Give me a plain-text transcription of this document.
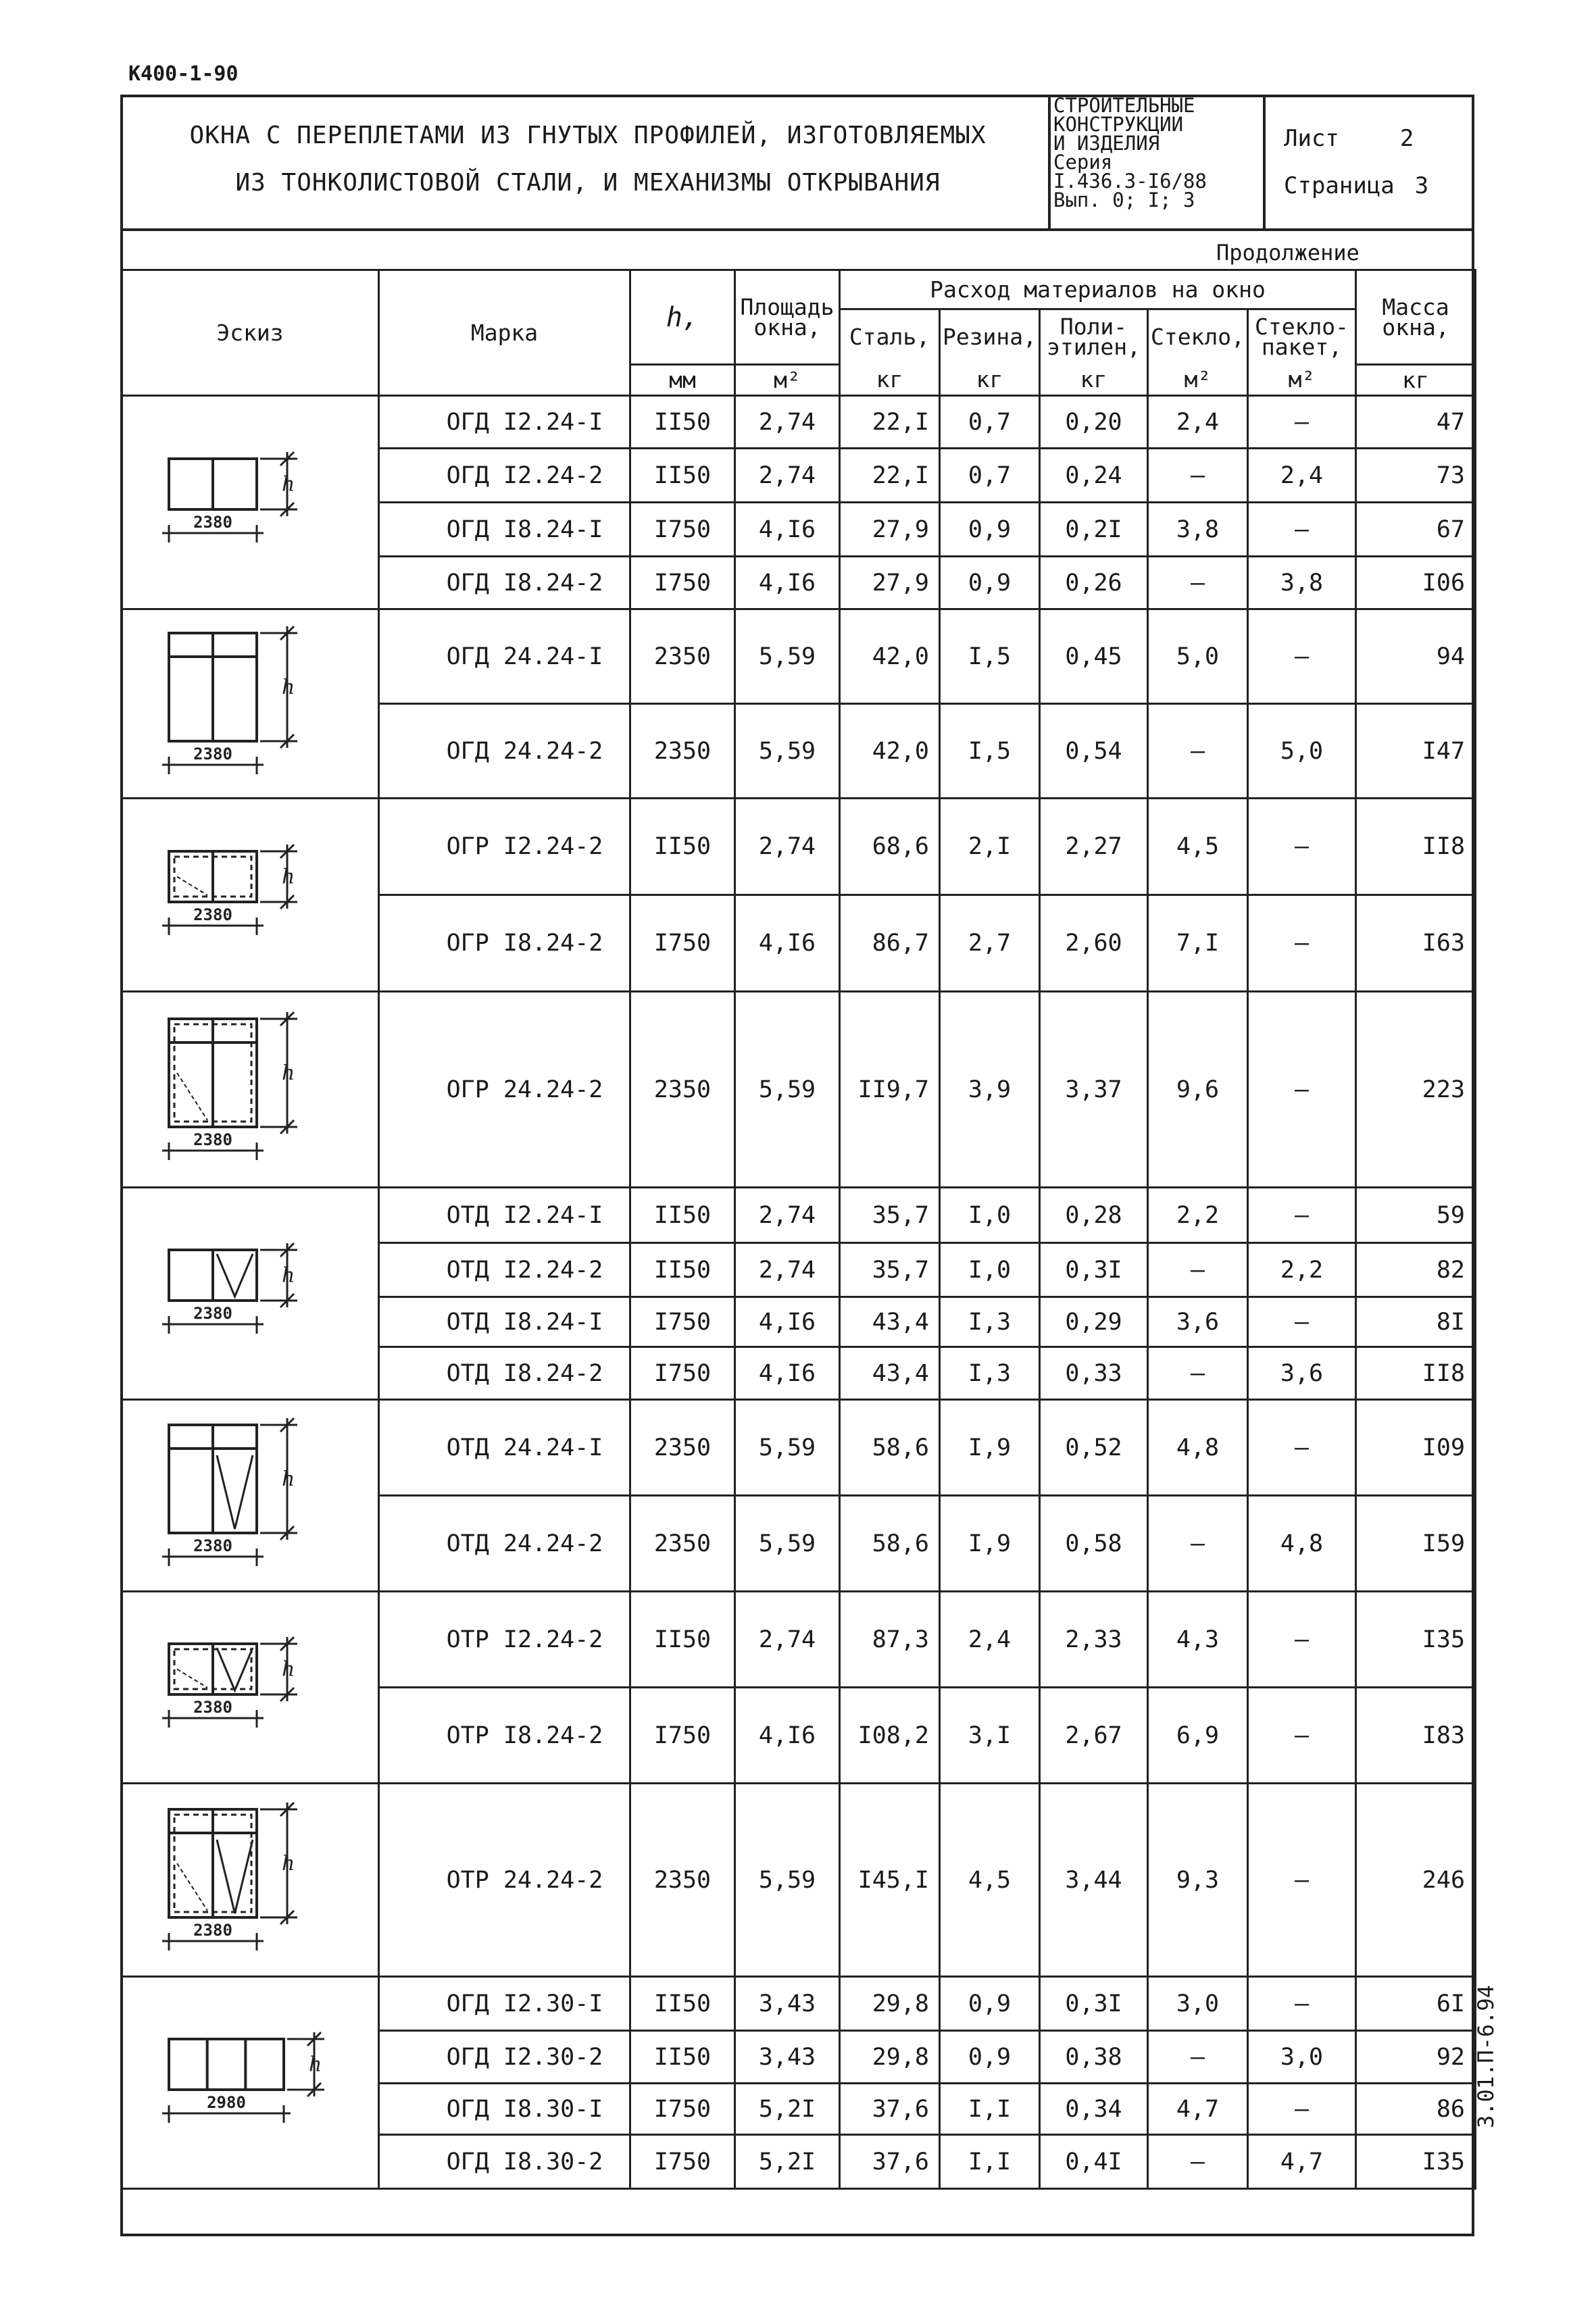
К400-1-90
ОКНА С ПЕРЕПЛЕТАМИ ИЗ ГНУТЫХ ПРОФИЛЕЙ, ИЗГОТОВЛЯЕМЫХ
ИЗ ТОНКОЛИСТОВОЙ СТАЛИ, И МЕХАНИЗМЫ ОТКРЫВАНИЯ
СТРОИТЕЛЬНЫЕ
КОНСТРУКЦИИ
И ИЗДЕЛИЯ
Серия
I.436.3-I6/88
Вып. 0; I; 3
Лист	2
Страница 3
Продолжение
Эскиз	Марка	h,	Площадь окна,	Расход материалов на окно					Масса окна,
				Сталь,	Резина,	Поли-этилен,	Стекло,	Стекло-пакет,	
		мм	м²	кг	кг	кг	м²	м²	кг

h
2380	ОГД I2.24-I	II50	2,74	22,I	0,7	0,20	2,4	–	47
	ОГД I2.24-2	II50	2,74	22,I	0,7	0,24	–	2,4	73
	ОГД I8.24-I	I750	4,I6	27,9	0,9	0,2I	3,8	–	67
	ОГД I8.24-2	I750	4,I6	27,9	0,9	0,26	–	3,8	I06

h
2380	ОГД 24.24-I	2350	5,59	42,0	I,5	0,45	5,0	–	94
	ОГД 24.24-2	2350	5,59	42,0	I,5	0,54	–	5,0	I47

h
2380	ОГР I2.24-2	II50	2,74	68,6	2,I	2,27	4,5	–	II8
	ОГР I8.24-2	I750	4,I6	86,7	2,7	2,60	7,I	–	I63

h
2380	ОГР 24.24-2	2350	5,59	II9,7	3,9	3,37	9,6	–	223

h
2380	ОТД I2.24-I	II50	2,74	35,7	I,0	0,28	2,2	–	59
	ОТД I2.24-2	II50	2,74	35,7	I,0	0,3I	–	2,2	82
	ОТД I8.24-I	I750	4,I6	43,4	I,3	0,29	3,6	–	8I
	ОТД I8.24-2	I750	4,I6	43,4	I,3	0,33	–	3,6	II8

h
2380	ОТД 24.24-I	2350	5,59	58,6	I,9	0,52	4,8	–	I09
	ОТД 24.24-2	2350	5,59	58,6	I,9	0,58	–	4,8	I59

h
2380	ОТР I2.24-2	II50	2,74	87,3	2,4	2,33	4,3	–	I35
	ОТР I8.24-2	I750	4,I6	I08,2	3,I	2,67	6,9	–	I83

h
2380	ОТР 24.24-2	2350	5,59	I45,I	4,5	3,44	9,3	–	246

h
2980	ОГД I2.30-I	II50	3,43	29,8	0,9	0,3I	3,0	–	6I
	ОГД I2.30-2	II50	3,43	29,8	0,9	0,38	–	3,0	92
	ОГД I8.30-I	I750	5,2I	37,6	I,I	0,34	4,7	–	86
	ОГД I8.30-2	I750	5,2I	37,6	I,I	0,4I	–	4,7	I35
3.01.П-6.94
